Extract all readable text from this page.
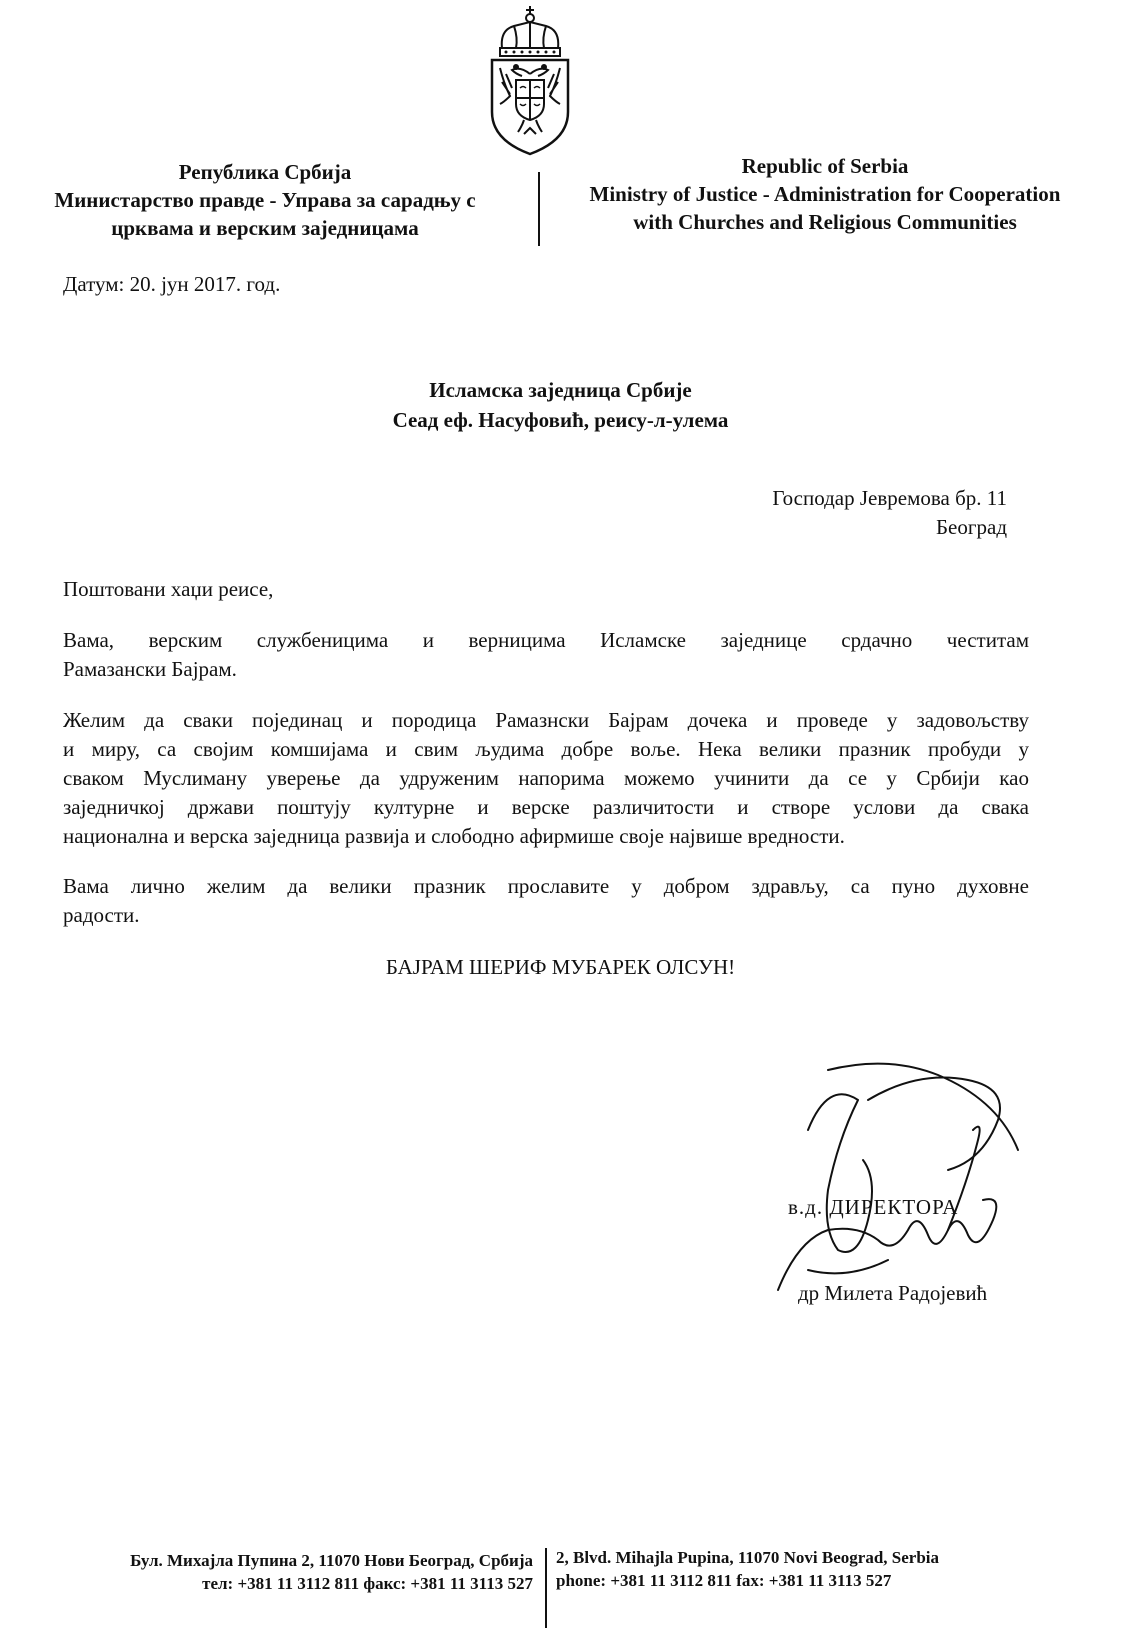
Република Србија
Министарство правде - Управа за сарадњу с
црквама и верским заједницама
Republic of Serbia
Ministry of Justice - Administration for Cooperation
with Churches and Religious Communities
Датум: 20. јун 2017. год.
Исламска заједница Србије
Сеад еф. Насуфовић, реису-л-улема
Господар Јевремова бр. 11
Београд
Поштовани хаџи реисе,
Вама, верским службеницима и верницима Исламске заједнице срдачно честитам
Рамазански Бајрам.
Желим да сваки појединац и породица Рамазнски Бајрам дочека и проведе у задовољству
и миру, са својим комшијама и свим људима добре воље. Нека велики празник пробуди у
сваком Муслиману уверење да удруженим напорима можемо учинити да се у Србији као
заједничкој држави поштују културне и верске различитости и створе услови да свака
национална и верска заједница развија и слободно афирмише своје највише вредности.
Вама лично желим да велики празник прославите у добром здрављу, са пуно духовне
радости.
БАЈРАМ ШЕРИФ МУБАРЕК ОЛСУН!
в.д. ДИРЕКТОРА
др Милета Радојевић
Бул. Михајла Пупина 2, 11070 Нови Београд, Србија
тел: +381 11 3112 811 факс: +381 11 3113 527
2, Blvd. Mihajla Pupina, 11070 Novi Beograd, Serbia
phone: +381 11 3112 811 fax: +381 11 3113 527
